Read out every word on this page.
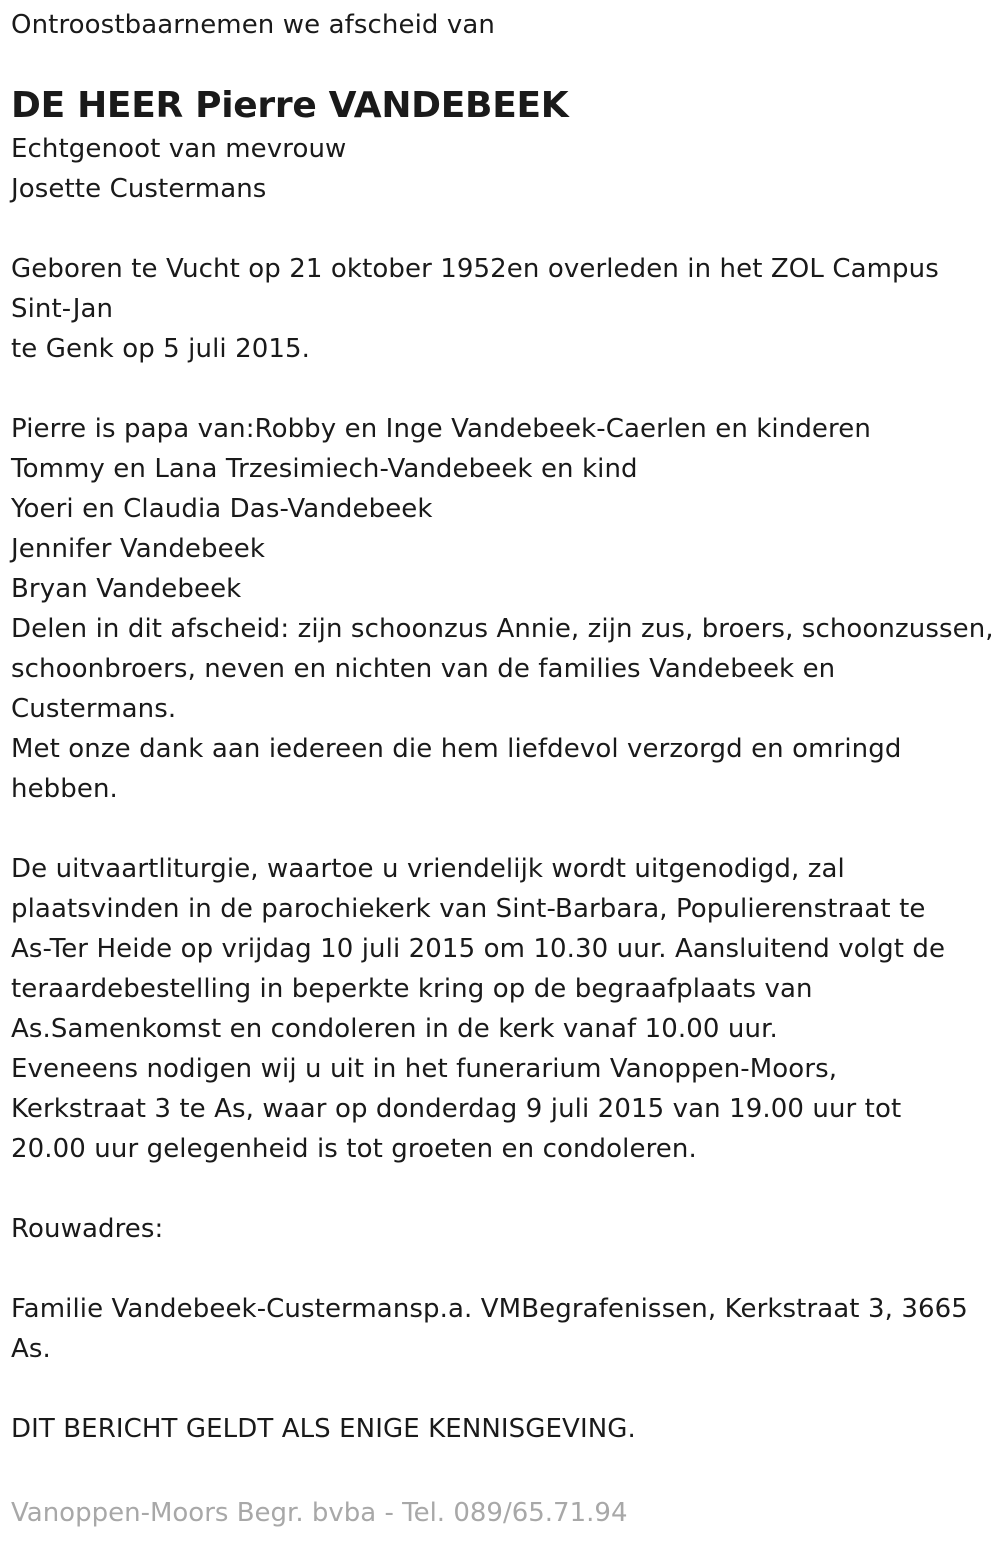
Ontroostbaarnemen we afscheid van
DE HEER Pierre VANDEBEEK
Echtgenoot van mevrouw
Josette Custermans
Geboren te Vucht op 21 oktober 1952en overleden in het ZOL Campus
Sint-Jan
te Genk op 5 juli 2015.
Pierre is papa van:Robby en Inge Vandebeek-Caerlen en kinderen
Tommy en Lana Trzesimiech-Vandebeek en kind
Yoeri en Claudia Das-Vandebeek
Jennifer Vandebeek
Bryan Vandebeek
Delen in dit afscheid: zijn schoonzus Annie, zijn zus, broers, schoonzussen,
schoonbroers, neven en nichten van de families Vandebeek en
Custermans.
Met onze dank aan iedereen die hem liefdevol verzorgd en omringd
hebben.
De uitvaartliturgie, waartoe u vriendelijk wordt uitgenodigd, zal
plaatsvinden in de parochiekerk van Sint-Barbara, Populierenstraat te
As-Ter Heide op vrijdag 10 juli 2015 om 10.30 uur. Aansluitend volgt de
teraardebestelling in beperkte kring op de begraafplaats van
As.Samenkomst en condoleren in de kerk vanaf 10.00 uur.
Eveneens nodigen wij u uit in het funerarium Vanoppen-Moors,
Kerkstraat 3 te As, waar op donderdag 9 juli 2015 van 19.00 uur tot
20.00 uur gelegenheid is tot groeten en condoleren.
Rouwadres:
Familie Vandebeek-Custermansp.a. VMBegrafenissen, Kerkstraat 3, 3665
As.
DIT BERICHT GELDT ALS ENIGE KENNISGEVING.
Vanoppen-Moors Begr. bvba - Tel. 089/65.71.94
